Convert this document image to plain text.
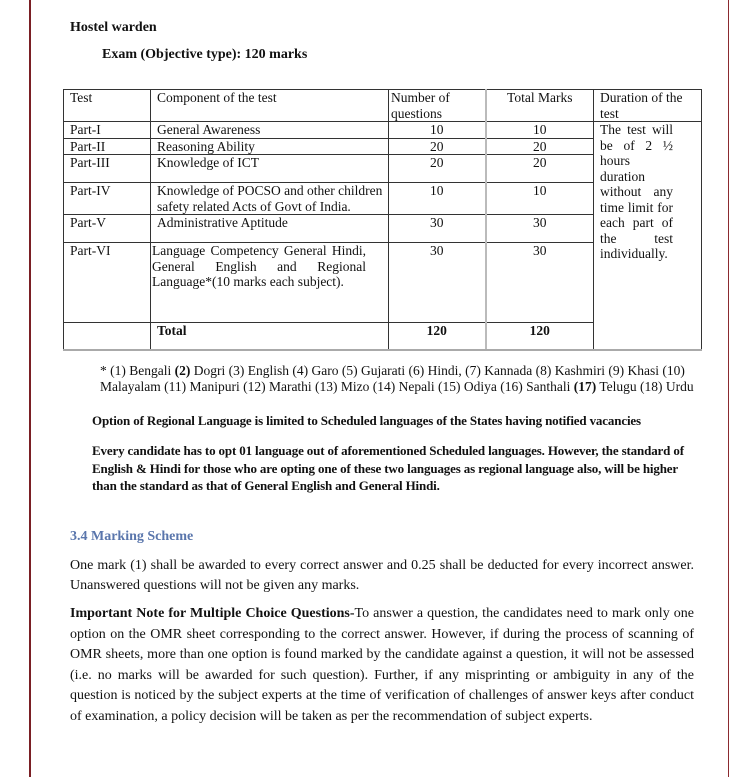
Hostel warden
Exam (Objective type): 120 marks
Test	Component of the test	Number of questions	Total Marks	Duration of the test
Part-I	General Awareness	10	10	The test will be of 2 ½ hours duration without any time limit for each part of the test individually.
Part-II	Reasoning Ability	20	20	
Part-III	Knowledge of ICT	20	20	
Part-IV	Knowledge of POCSO and other children safety related Acts of Govt of India.	10	10	
Part-V	Administrative Aptitude	30	30	
Part-VI	Language Competency General Hindi, General English and Regional Language*(10 marks each subject).	30	30	
	Total	120	120	
* (1) Bengali (2) Dogri (3) English (4) Garo (5) Gujarati (6) Hindi, (7) Kannada (8) Kashmiri (9) Khasi (10) Malayalam (11) Manipuri (12) Marathi (13) Mizo (14) Nepali (15) Odiya (16) Santhali (17) Telugu (18) Urdu
Option of Regional Language is limited to Scheduled languages of the States having notified vacancies
Every candidate has to opt 01 language out of aforementioned Scheduled languages. However, the standard of English & Hindi for those who are opting one of these two languages as regional language also, will be higher than the standard as that of General English and General Hindi.
3.4 Marking Scheme
One mark (1) shall be awarded to every correct answer and 0.25 shall be deducted for every incorrect answer. Unanswered questions will not be given any marks.
Important Note for Multiple Choice Questions-To answer a question, the candidates need to mark only one option on the OMR sheet corresponding to the correct answer. However, if during the process of scanning of OMR sheets, more than one option is found marked by the candidate against a question, it will not be assessed (i.e. no marks will be awarded for such question). Further, if any misprinting or ambiguity in any of the question is noticed by the subject experts at the time of verification of challenges of answer keys after conduct of examination, a policy decision will be taken as per the recommendation of subject experts.
